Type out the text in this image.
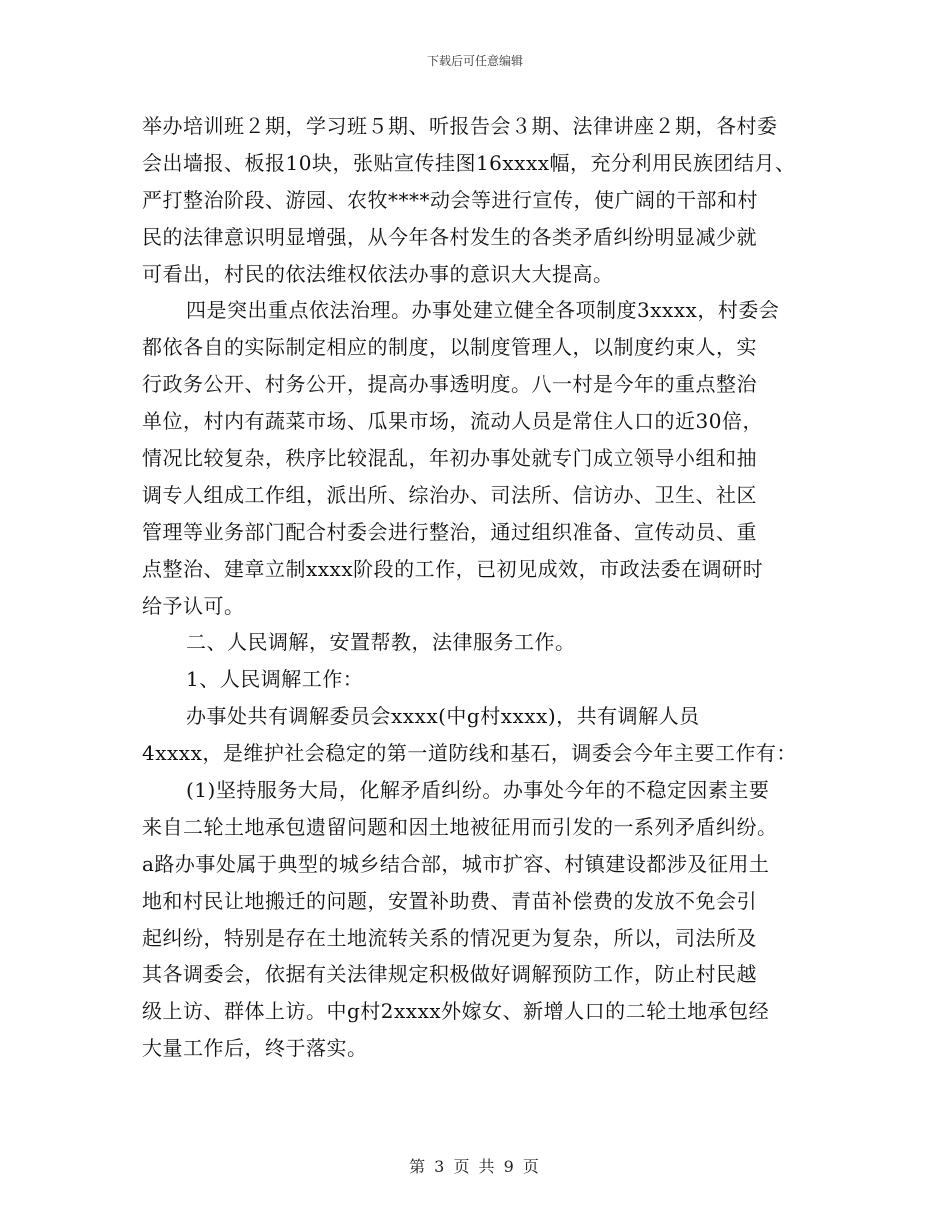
下载后可任意编辑
举办培训班２期，学习班５期、听报告会３期、法律讲座２期，各村委
会出墙报、板报10块，张贴宣传挂图16xxxx幅，充分利用民族团结月、
严打整治阶段、游园、农牧****动会等进行宣传，使广阔的干部和村
民的法律意识明显增强，从今年各村发生的各类矛盾纠纷明显减少就
可看出，村民的依法维权依法办事的意识大大提高。
四是突出重点依法治理。办事处建立健全各项制度3xxxx，村委会
都依各自的实际制定相应的制度，以制度管理人，以制度约束人，实
行政务公开、村务公开，提高办事透明度。八一村是今年的重点整治
单位，村内有蔬菜市场、瓜果市场，流动人员是常住人口的近30倍，
情况比较复杂，秩序比较混乱，年初办事处就专门成立领导小组和抽
调专人组成工作组，派出所、综治办、司法所、信访办、卫生、社区
管理等业务部门配合村委会进行整治，通过组织准备、宣传动员、重
点整治、建章立制xxxx阶段的工作，已初见成效，市政法委在调研时
给予认可。
二、人民调解，安置帮教，法律服务工作。
1、人民调解工作：
办事处共有调解委员会xxxx(中g村xxxx)，共有调解人员
4xxxx，是维护社会稳定的第一道防线和基石，调委会今年主要工作有：
(1)坚持服务大局，化解矛盾纠纷。办事处今年的不稳定因素主要
来自二轮土地承包遗留问题和因土地被征用而引发的一系列矛盾纠纷。
a路办事处属于典型的城乡结合部，城市扩容、村镇建设都涉及征用土
地和村民让地搬迁的问题，安置补助费、青苗补偿费的发放不免会引
起纠纷，特别是存在土地流转关系的情况更为复杂，所以，司法所及
其各调委会，依据有关法律规定积极做好调解预防工作，防止村民越
级上访、群体上访。中g村2xxxx外嫁女、新增人口的二轮土地承包经
大量工作后，终于落实。
第 3 页 共 9 页
